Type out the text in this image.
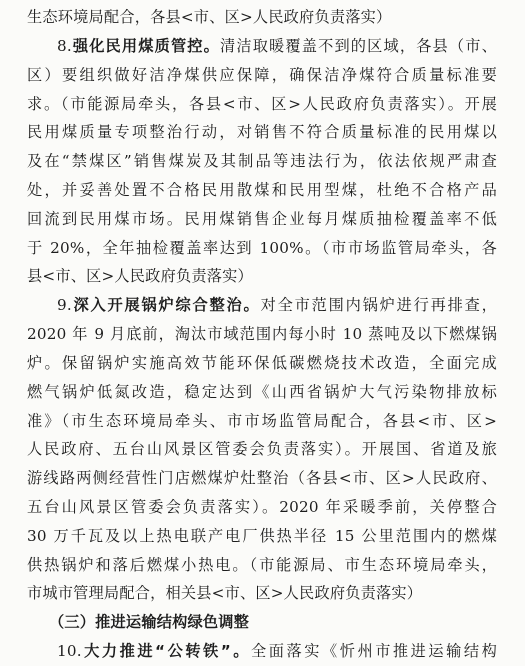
生态环境局配合，各县<市、区>人民政府负责落实）
8.强化民用煤质管控。清洁取暖覆盖不到的区域，各县（市、
区）要组织做好洁净煤供应保障，确保洁净煤符合质量标准要
求。（市能源局牵头，各县<市、区>人民政府负责落实）。开展
民用煤质量专项整治行动，对销售不符合质量标准的民用煤以
及在“禁煤区”销售煤炭及其制品等违法行为，依法依规严肃查
处，并妥善处置不合格民用散煤和民用型煤，杜绝不合格产品
回流到民用煤市场。民用煤销售企业每月煤质抽检覆盖率不低
于 20%，全年抽检覆盖率达到 100%。（市市场监管局牵头，各
县<市、区>人民政府负责落实）
9.深入开展锅炉综合整治。对全市范围内锅炉进行再排查，
2020 年 9 月底前，淘汰市域范围内每小时 10 蒸吨及以下燃煤锅
炉。保留锅炉实施高效节能环保低碳燃烧技术改造，全面完成
燃气锅炉低氮改造，稳定达到《山西省锅炉大气污染物排放标
准》（市生态环境局牵头、市市场监管局配合，各县<市、区>
人民政府、五台山风景区管委会负责落实）。开展国、省道及旅
游线路两侧经营性门店燃煤炉灶整治（各县<市、区>人民政府、
五台山风景区管委会负责落实）。2020 年采暖季前，关停整合
30 万千瓦及以上热电联产电厂供热半径 15 公里范围内的燃煤
供热锅炉和落后燃煤小热电。（市能源局、市生态环境局牵头，
市城市管理局配合，相关县<市、区>人民政府负责落实）
（三）推进运输结构绿色调整
10.大力推进“公转铁”。全面落实《忻州市推进运输结构
